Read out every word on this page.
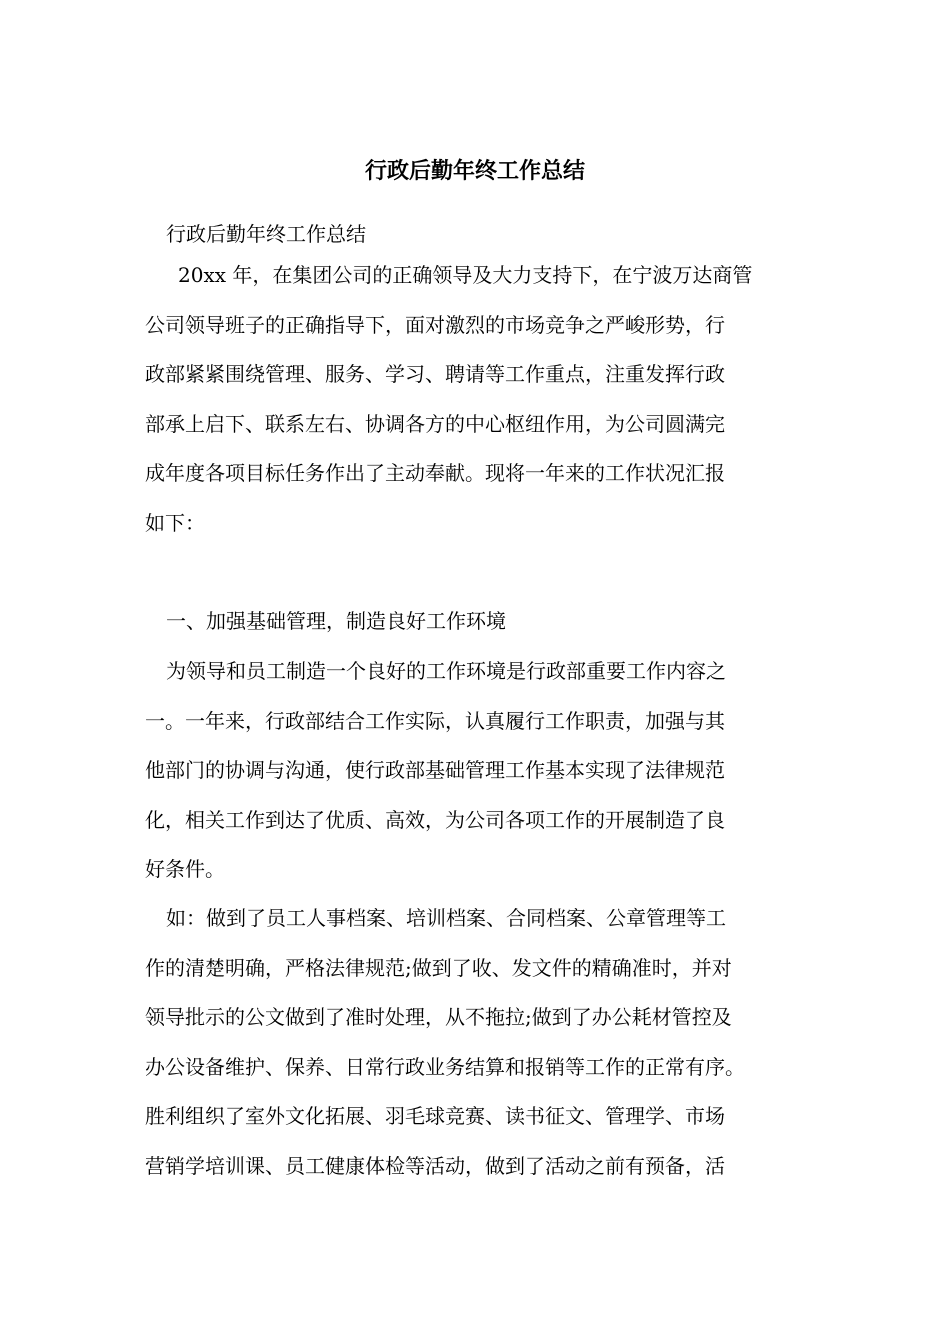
行政后勤年终工作总结
行政后勤年终工作总结
20xx 年，在集团公司的正确领导及大力支持下，在宁波万达商管
公司领导班子的正确指导下，面对激烈的市场竞争之严峻形势，行
政部紧紧围绕管理、服务、学习、聘请等工作重点，注重发挥行政
部承上启下、联系左右、协调各方的中心枢纽作用，为公司圆满完
成年度各项目标任务作出了主动奉献。现将一年来的工作状况汇报
如下：
一、加强基础管理，制造良好工作环境
为领导和员工制造一个良好的工作环境是行政部重要工作内容之
一。一年来，行政部结合工作实际，认真履行工作职责，加强与其
他部门的协调与沟通，使行政部基础管理工作基本实现了法律规范
化，相关工作到达了优质、高效，为公司各项工作的开展制造了良
好条件。
如：做到了员工人事档案、培训档案、合同档案、公章管理等工
作的清楚明确，严格法律规范;做到了收、发文件的精确准时，并对
领导批示的公文做到了准时处理，从不拖拉;做到了办公耗材管控及
办公设备维护、保养、日常行政业务结算和报销等工作的正常有序。
胜利组织了室外文化拓展、羽毛球竞赛、读书征文、管理学、市场
营销学培训课、员工健康体检等活动，做到了活动之前有预备，活
